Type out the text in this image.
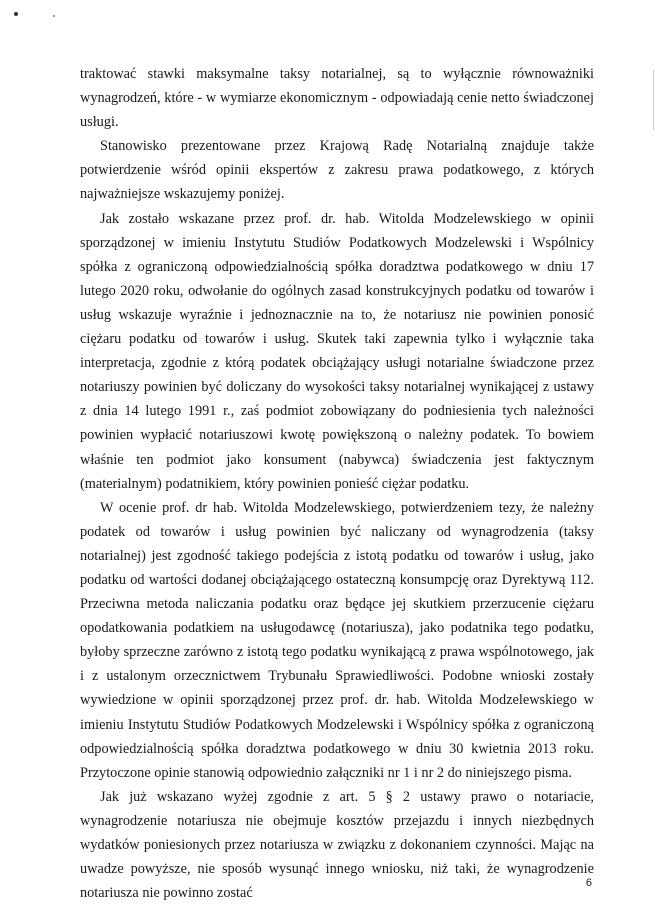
traktować stawki maksymalne taksy notarialnej, są to wyłącznie równoważniki wynagrodzeń, które - w wymiarze ekonomicznym - odpowiadają cenie netto świadczonej usługi.

Stanowisko prezentowane przez Krajową Radę Notarialną znajduje także potwierdzenie wśród opinii ekspertów z zakresu prawa podatkowego, z których najważniejsze wskazujemy poniżej.

Jak zostało wskazane przez prof. dr. hab. Witolda Modzelewskiego w opinii sporządzonej w imieniu Instytutu Studiów Podatkowych Modzelewski i Wspólnicy spółka z ograniczoną odpowiedzialnością spółka doradztwa podatkowego w dniu 17 lutego 2020 roku, odwołanie do ogólnych zasad konstrukcyjnych podatku od towarów i usług wskazuje wyraźnie i jednoznacznie na to, że notariusz nie powinien ponosić ciężaru podatku od towarów i usług. Skutek taki zapewnia tylko i wyłącznie taka interpretacja, zgodnie z którą podatek obciążający usługi notarialne świadczone przez notariuszy powinien być doliczany do wysokości taksy notarialnej wynikającej z ustawy z dnia 14 lutego 1991 r., zaś podmiot zobowiązany do podniesienia tych należności powinien wypłacić notariuszowi kwotę powiększoną o należny podatek. To bowiem właśnie ten podmiot jako konsument (nabywca) świadczenia jest faktycznym (materialnym) podatnikiem, który powinien ponieść ciężar podatku.

W ocenie prof. dr hab. Witolda Modzelewskiego, potwierdzeniem tezy, że należny podatek od towarów i usług powinien być naliczany od wynagrodzenia (taksy notarialnej) jest zgodność takiego podejścia z istotą podatku od towarów i usług, jako podatku od wartości dodanej obciążającego ostateczną konsumpcję oraz Dyrektywą 112. Przeciwna metoda naliczania podatku oraz będące jej skutkiem przerzucenie ciężaru opodatkowania podatkiem na usługodawcę (notariusza), jako podatnika tego podatku, byłoby sprzeczne zarówno z istotą tego podatku wynikającą z prawa wspólnotowego, jak i z ustalonym orzecznictwem Trybunału Sprawiedliwości. Podobne wnioski zostały wywiedzione w opinii sporządzonej przez prof. dr. hab. Witolda Modzelewskiego w imieniu Instytutu Studiów Podatkowych Modzelewski i Wspólnicy spółka z ograniczoną odpowiedzialnością spółka doradztwa podatkowego w dniu 30 kwietnia 2013 roku. Przytoczone opinie stanowią odpowiednio załączniki nr 1 i nr 2 do niniejszego pisma.

Jak już wskazano wyżej zgodnie z art. 5 § 2 ustawy prawo o notariacie, wynagrodzenie notariusza nie obejmuje kosztów przejazdu i innych niezbędnych wydatków poniesionych przez notariusza w związku z dokonaniem czynności. Mając na uwadze powyższe, nie sposób wysunąć innego wniosku, niż taki, że wynagrodzenie notariusza nie powinno zostać

6
